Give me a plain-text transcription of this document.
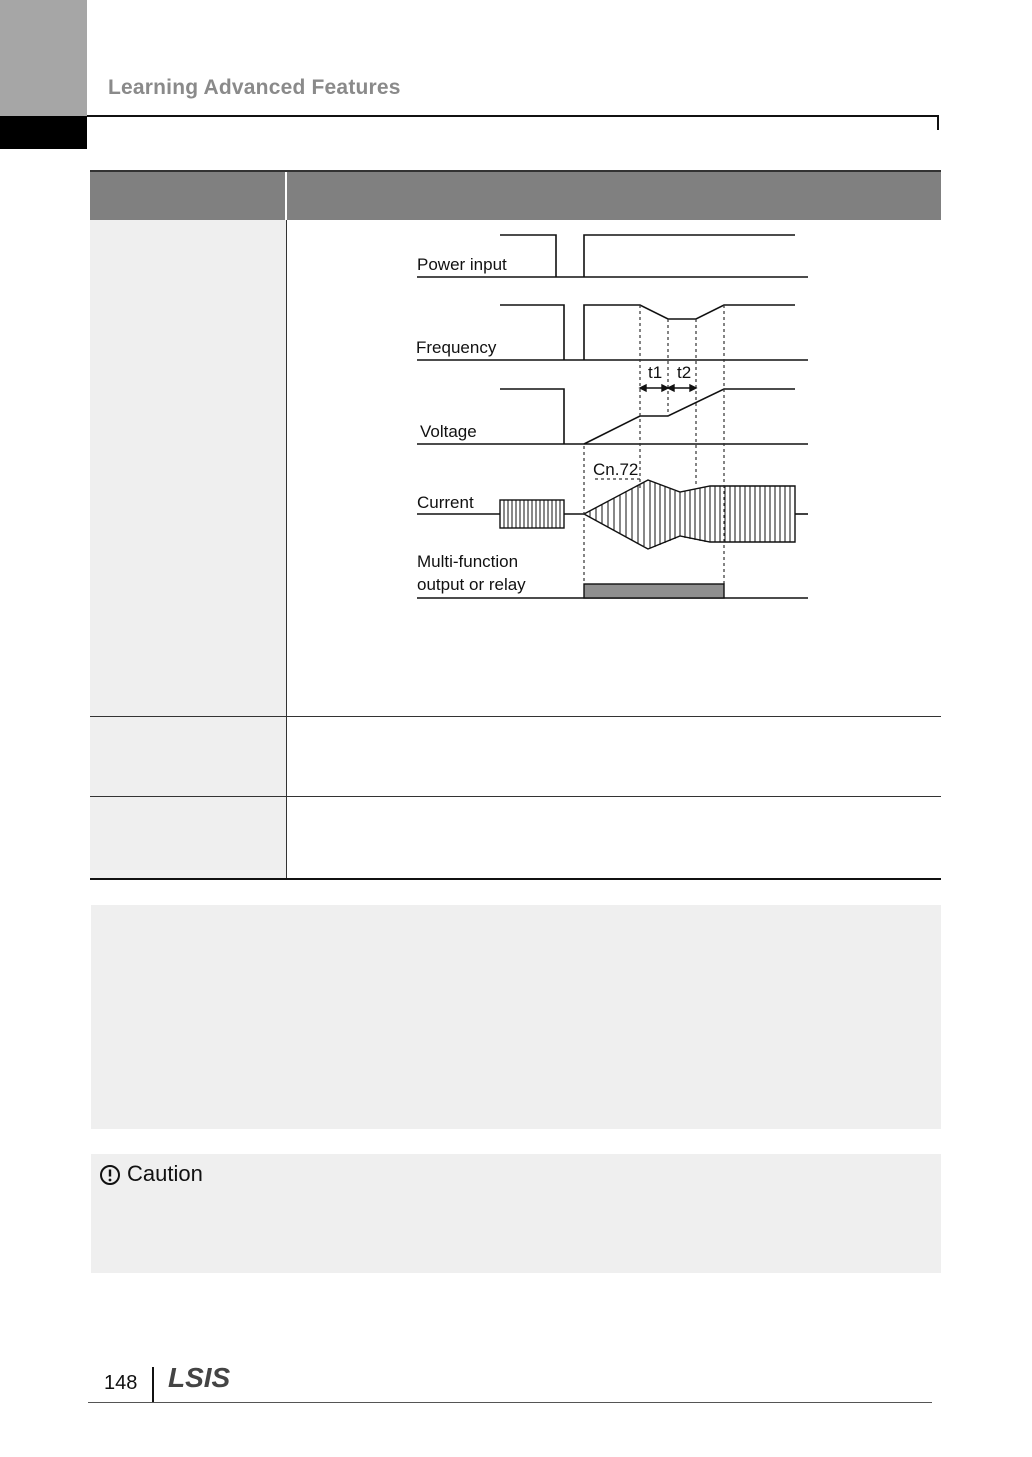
Learning Advanced Features
Power input
Frequency
Voltage
Current
Multi-function
output or relay
t1 t2
Cn.72
Caution
148 LSIS
